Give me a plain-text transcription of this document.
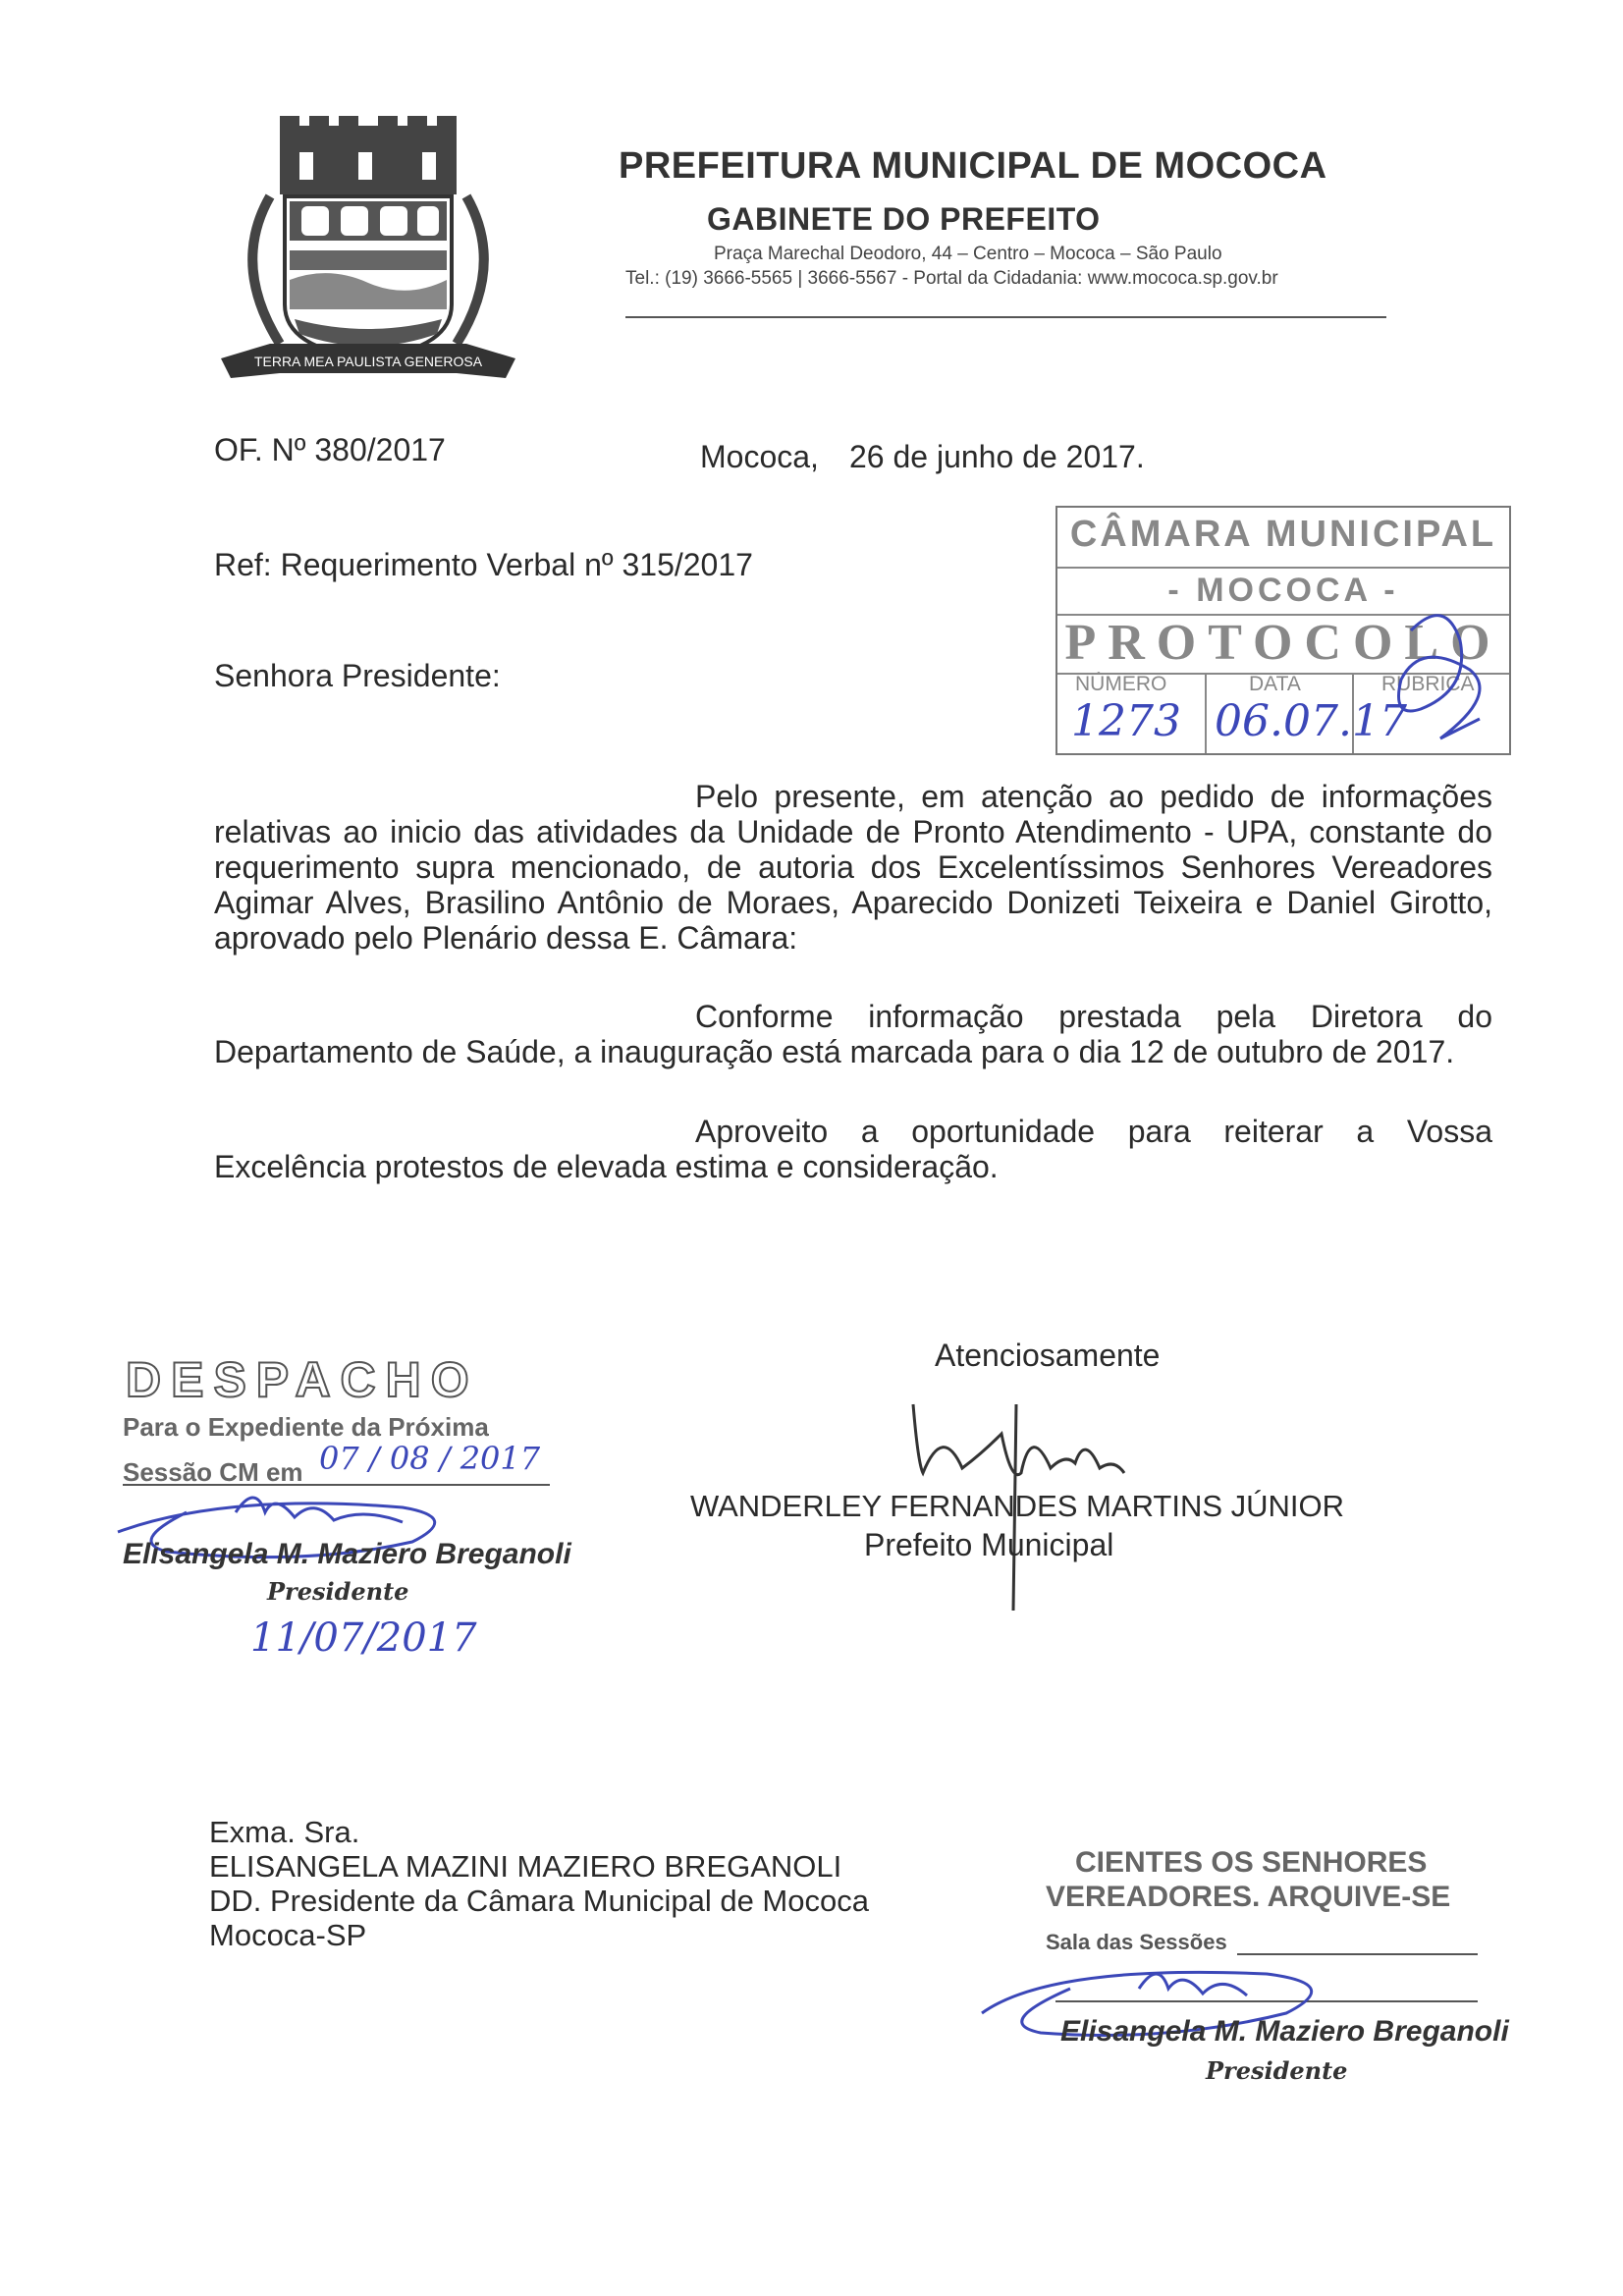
TERRA MEA PAULISTA GENEROSA
PREFEITURA MUNICIPAL DE MOCOCA
GABINETE DO PREFEITO
Praça Marechal Deodoro, 44 – Centro – Mococa – São Paulo
Tel.: (19) 3666-5565 | 3666-5567 - Portal da Cidadania: www.mococa.sp.gov.br
OF. Nº 380/2017	Mococa, 26 de junho de 2017.
Ref: Requerimento Verbal nº 315/2017
Senhora Presidente:
CÂMARA MUNICIPAL
- MOCOCA -
PROTOCOLO
NÚMERO	DATA	RÚBRICA
1273 06.07.17
Pelo presente, em atenção ao pedido de informações relativas ao inicio das atividades da Unidade de Pronto Atendimento - UPA, constante do requerimento supra mencionado, de autoria dos Excelentíssimos Senhores Vereadores Agimar Alves, Brasilino Antônio de Moraes, Aparecido Donizeti Teixeira e Daniel Girotto, aprovado pelo Plenário dessa E. Câmara:
Conforme informação prestada pela Diretora do Departamento de Saúde, a inauguração está marcada para o dia 12 de outubro de 2017.
Aproveito a oportunidade para reiterar a Vossa Excelência protestos de elevada estima e consideração.
Atenciosamente
WANDERLEY FERNANDES MARTINS JÚNIOR
Prefeito Municipal
DESPACHO
Para o Expediente da Próxima
Sessão CM em 07 / 08 / 2017
Elisangela M. Maziero Breganoli
Presidente
11/07/2017
Exma. Sra.
ELISANGELA MAZINI MAZIERO BREGANOLI
DD. Presidente da Câmara Municipal de Mococa
Mococa-SP
CIENTES OS SENHORES
VEREADORES. ARQUIVE-SE
Sala das Sessões
Elisangela M. Maziero Breganoli
Presidente
